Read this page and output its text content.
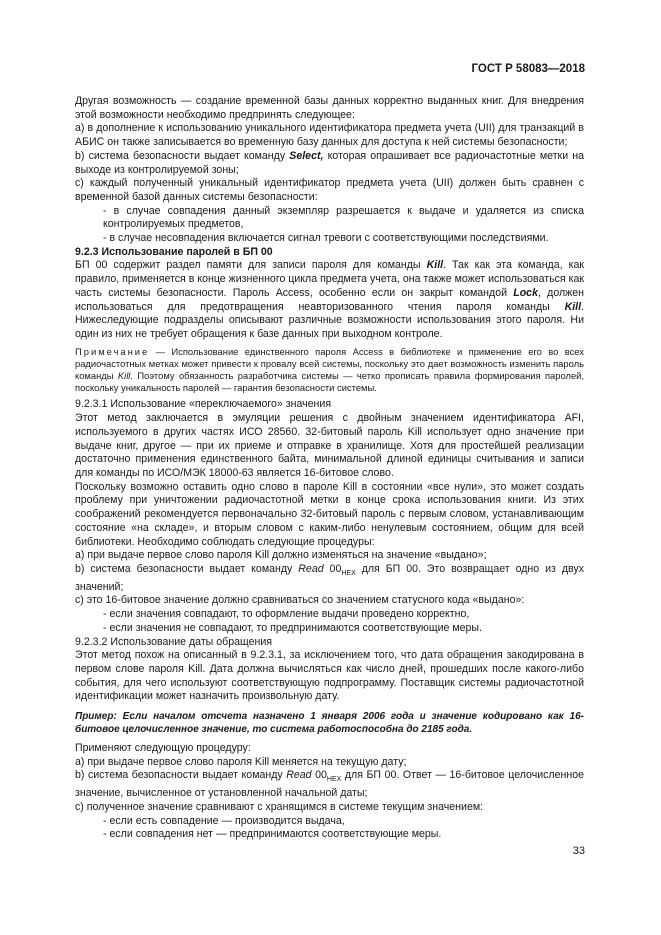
ГОСТ Р 58083—2018

Другая возможность — создание временной базы данных корректно выданных книг. Для внедрения этой возможности необходимо предпринять следующее:

a) в дополнение к использованию уникального идентификатора предмета учета (UII) для транзакций в АБИС он также записывается во временную базу данных для доступа к ней системы безопасности;

b) система безопасности выдает команду Select, которая опрашивает все радиочастотные метки на выходе из контролируемой зоны;

c) каждый полученный уникальный идентификатор предмета учета (UII) должен быть сравнен с временной базой данных системы безопасности:

- в случае совпадения данный экземпляр разрешается к выдаче и удаляется из списка контролируемых предметов,

- в случае несовпадения включается сигнал тревоги с соответствующими последствиями.

9.2.3 Использование паролей в БП 00

БП 00 содержит раздел памяти для записи пароля для команды Kill. Так как эта команда, как правило, применяется в конце жизненного цикла предмета учета, она также может использоваться как часть системы безопасности. Пароль Access, особенно если он закрыт командой Lock, должен использоваться для предотвращения неавторизованного чтения пароля команды Kill. Нижеследующие подразделы описывают различные возможности использования этого пароля. Ни один из них не требует обращения к базе данных при выходном контроле.

Примечание — Использование единственного пароля Access в библиотеке и применение его во всех радиочастотных метках может привести к провалу всей системы, поскольку это дает возможность изменить пароль команды Kill. Поэтому обязанность разработчика системы — четко прописать правила формирования паролей, поскольку уникальность паролей — гарантия безопасности системы.

9.2.3.1 Использование «переключаемого» значения

Этот метод заключается в эмуляции решения с двойным значением идентификатора AFI, используемого в других частях ИСО 28560. 32-битовый пароль Kill использует одно значение при выдаче книг, другое — при их приеме и отправке в хранилище. Хотя для простейшей реализации достаточно применения единственного байта, минимальной длиной единицы считывания и записи для команды по ИСО/МЭК 18000-63 является 16-битовое слово.

Поскольку возможно оставить одно слово в пароле Kill в состоянии «все нули», это может создать проблему при уничтожении радиочастотной метки в конце срока использования книги. Из этих соображений рекомендуется первоначально 32-битовый пароль с первым словом, устанавливающим состояние «на складе», и вторым словом с каким-либо ненулевым состоянием, общим для всей библиотеки. Необходимо соблюдать следующие процедуры:

a) при выдаче первое слово пароля Kill должно изменяться на значение «выдано»;

b) система безопасности выдает команду Read $00_{HEX}$ для БП 00. Это возвращает одно из двух значений;

c) это 16-битовое значение должно сравниваться со значением статусного кода «выдано»:

- если значения совпадают, то оформление выдачи проведено корректно,

- если значения не совпадают, то предпринимаются соответствующие меры.

9.2.3.2 Использование даты обращения

Этот метод похож на описанный в 9.2.3.1, за исключением того, что дата обращения закодирована в первом слове пароля Kill. Дата должна вычисляться как число дней, прошедших после какого-либо события, для чего используют соответствующую подпрограмму. Поставщик системы радиочастотной идентификации может назначить произвольную дату.

Пример: Если началом отсчета назначено 1 января 2006 года и значение кодировано как 16-битовое целочисленное значение, то система работоспособна до 2185 года.

Применяют следующую процедуру:

a) при выдаче первое слово пароля Kill меняется на текущую дату;

b) система безопасности выдает команду Read $00_{HEX}$ для БП 00. Ответ — 16-битовое целочисленное значение, вычисленное от установленной начальной даты;

c) полученное значение сравнивают с хранящимся в системе текущим значением:

- если есть совпадение — производится выдача,

- если совпадения нет — предпринимаются соответствующие меры.

33
